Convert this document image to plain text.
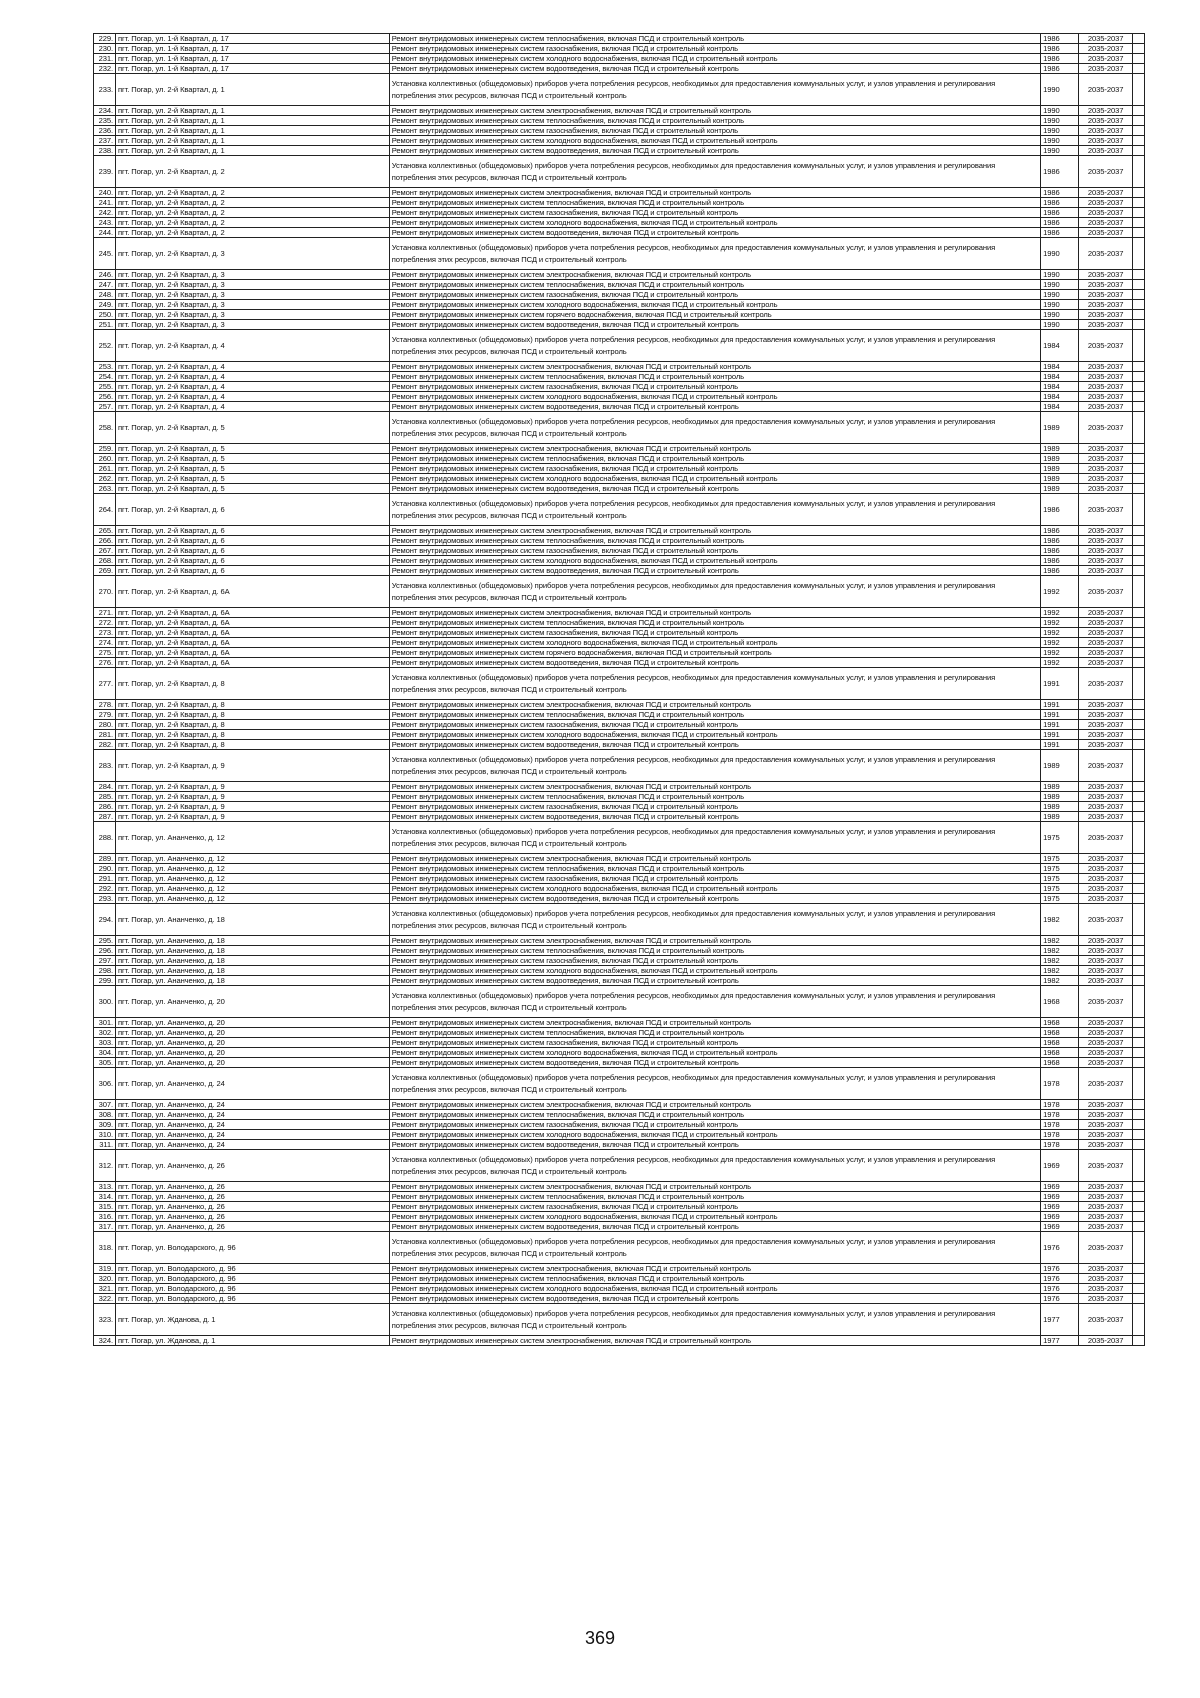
229.	пгт. Погар, ул. 1-й Квартал, д. 17	Ремонт внутридомовых инженерных систем теплоснабжения, включая ПСД и строительный контроль	1986	2035-2037	
230.	пгт. Погар, ул. 1-й Квартал, д. 17	Ремонт внутридомовых инженерных систем газоснабжения, включая ПСД и строительный контроль	1986	2035-2037	
231.	пгт. Погар, ул. 1-й Квартал, д. 17	Ремонт внутридомовых инженерных систем холодного водоснабжения, включая ПСД и строительный контроль	1986	2035-2037	
232.	пгт. Погар, ул. 1-й Квартал, д. 17	Ремонт внутридомовых инженерных систем водоотведения, включая ПСД и строительный контроль	1986	2035-2037	
233.	пгт. Погар, ул. 2-й Квартал, д. 1	Установка коллективных (общедомовых) приборов учета потребления ресурсов, необходимых для предоставления коммунальных услуг, и узлов управления и регулирования потребления этих ресурсов, включая ПСД и строительный контроль	1990	2035-2037	
234.	пгт. Погар, ул. 2-й Квартал, д. 1	Ремонт внутридомовых инженерных систем электроснабжения, включая ПСД и строительный контроль	1990	2035-2037	
235.	пгт. Погар, ул. 2-й Квартал, д. 1	Ремонт внутридомовых инженерных систем теплоснабжения, включая ПСД и строительный контроль	1990	2035-2037	
236.	пгт. Погар, ул. 2-й Квартал, д. 1	Ремонт внутридомовых инженерных систем газоснабжения, включая ПСД и строительный контроль	1990	2035-2037	
237.	пгт. Погар, ул. 2-й Квартал, д. 1	Ремонт внутридомовых инженерных систем холодного водоснабжения, включая ПСД и строительный контроль	1990	2035-2037	
238.	пгт. Погар, ул. 2-й Квартал, д. 1	Ремонт внутридомовых инженерных систем водоотведения, включая ПСД и строительный контроль	1990	2035-2037	
239.	пгт. Погар, ул. 2-й Квартал, д. 2	Установка коллективных (общедомовых) приборов учета потребления ресурсов, необходимых для предоставления коммунальных услуг, и узлов управления и регулирования потребления этих ресурсов, включая ПСД и строительный контроль	1986	2035-2037	
240.	пгт. Погар, ул. 2-й Квартал, д. 2	Ремонт внутридомовых инженерных систем электроснабжения, включая ПСД и строительный контроль	1986	2035-2037	
241.	пгт. Погар, ул. 2-й Квартал, д. 2	Ремонт внутридомовых инженерных систем теплоснабжения, включая ПСД и строительный контроль	1986	2035-2037	
242.	пгт. Погар, ул. 2-й Квартал, д. 2	Ремонт внутридомовых инженерных систем газоснабжения, включая ПСД и строительный контроль	1986	2035-2037	
243.	пгт. Погар, ул. 2-й Квартал, д. 2	Ремонт внутридомовых инженерных систем холодного водоснабжения, включая ПСД и строительный контроль	1986	2035-2037	
244.	пгт. Погар, ул. 2-й Квартал, д. 2	Ремонт внутридомовых инженерных систем водоотведения, включая ПСД и строительный контроль	1986	2035-2037	
245.	пгт. Погар, ул. 2-й Квартал, д. 3	Установка коллективных (общедомовых) приборов учета потребления ресурсов, необходимых для предоставления коммунальных услуг, и узлов управления и регулирования потребления этих ресурсов, включая ПСД и строительный контроль	1990	2035-2037	
246.	пгт. Погар, ул. 2-й Квартал, д. 3	Ремонт внутридомовых инженерных систем электроснабжения, включая ПСД и строительный контроль	1990	2035-2037	
247.	пгт. Погар, ул. 2-й Квартал, д. 3	Ремонт внутридомовых инженерных систем теплоснабжения, включая ПСД и строительный контроль	1990	2035-2037	
248.	пгт. Погар, ул. 2-й Квартал, д. 3	Ремонт внутридомовых инженерных систем газоснабжения, включая ПСД и строительный контроль	1990	2035-2037	
249.	пгт. Погар, ул. 2-й Квартал, д. 3	Ремонт внутридомовых инженерных систем холодного водоснабжения, включая ПСД и строительный контроль	1990	2035-2037	
250.	пгт. Погар, ул. 2-й Квартал, д. 3	Ремонт внутридомовых инженерных систем горячего водоснабжения, включая ПСД и строительный контроль	1990	2035-2037	
251.	пгт. Погар, ул. 2-й Квартал, д. 3	Ремонт внутридомовых инженерных систем водоотведения, включая ПСД и строительный контроль	1990	2035-2037	
252.	пгт. Погар, ул. 2-й Квартал, д. 4	Установка коллективных (общедомовых) приборов учета потребления ресурсов, необходимых для предоставления коммунальных услуг, и узлов управления и регулирования потребления этих ресурсов, включая ПСД и строительный контроль	1984	2035-2037	
253.	пгт. Погар, ул. 2-й Квартал, д. 4	Ремонт внутридомовых инженерных систем электроснабжения, включая ПСД и строительный контроль	1984	2035-2037	
254.	пгт. Погар, ул. 2-й Квартал, д. 4	Ремонт внутридомовых инженерных систем теплоснабжения, включая ПСД и строительный контроль	1984	2035-2037	
255.	пгт. Погар, ул. 2-й Квартал, д. 4	Ремонт внутридомовых инженерных систем газоснабжения, включая ПСД и строительный контроль	1984	2035-2037	
256.	пгт. Погар, ул. 2-й Квартал, д. 4	Ремонт внутридомовых инженерных систем холодного водоснабжения, включая ПСД и строительный контроль	1984	2035-2037	
257.	пгт. Погар, ул. 2-й Квартал, д. 4	Ремонт внутридомовых инженерных систем водоотведения, включая ПСД и строительный контроль	1984	2035-2037	
258.	пгт. Погар, ул. 2-й Квартал, д. 5	Установка коллективных (общедомовых) приборов учета потребления ресурсов, необходимых для предоставления коммунальных услуг, и узлов управления и регулирования потребления этих ресурсов, включая ПСД и строительный контроль	1989	2035-2037	
259.	пгт. Погар, ул. 2-й Квартал, д. 5	Ремонт внутридомовых инженерных систем электроснабжения, включая ПСД и строительный контроль	1989	2035-2037	
260.	пгт. Погар, ул. 2-й Квартал, д. 5	Ремонт внутридомовых инженерных систем теплоснабжения, включая ПСД и строительный контроль	1989	2035-2037	
261.	пгт. Погар, ул. 2-й Квартал, д. 5	Ремонт внутридомовых инженерных систем газоснабжения, включая ПСД и строительный контроль	1989	2035-2037	
262.	пгт. Погар, ул. 2-й Квартал, д. 5	Ремонт внутридомовых инженерных систем холодного водоснабжения, включая ПСД и строительный контроль	1989	2035-2037	
263.	пгт. Погар, ул. 2-й Квартал, д. 5	Ремонт внутридомовых инженерных систем водоотведения, включая ПСД и строительный контроль	1989	2035-2037	
264.	пгт. Погар, ул. 2-й Квартал, д. 6	Установка коллективных (общедомовых) приборов учета потребления ресурсов, необходимых для предоставления коммунальных услуг, и узлов управления и регулирования потребления этих ресурсов, включая ПСД и строительный контроль	1986	2035-2037	
265.	пгт. Погар, ул. 2-й Квартал, д. 6	Ремонт внутридомовых инженерных систем электроснабжения, включая ПСД и строительный контроль	1986	2035-2037	
266.	пгт. Погар, ул. 2-й Квартал, д. 6	Ремонт внутридомовых инженерных систем теплоснабжения, включая ПСД и строительный контроль	1986	2035-2037	
267.	пгт. Погар, ул. 2-й Квартал, д. 6	Ремонт внутридомовых инженерных систем газоснабжения, включая ПСД и строительный контроль	1986	2035-2037	
268.	пгт. Погар, ул. 2-й Квартал, д. 6	Ремонт внутридомовых инженерных систем холодного водоснабжения, включая ПСД и строительный контроль	1986	2035-2037	
269.	пгт. Погар, ул. 2-й Квартал, д. 6	Ремонт внутридомовых инженерных систем водоотведения, включая ПСД и строительный контроль	1986	2035-2037	
270.	пгт. Погар, ул. 2-й Квартал, д. 6А	Установка коллективных (общедомовых) приборов учета потребления ресурсов, необходимых для предоставления коммунальных услуг, и узлов управления и регулирования потребления этих ресурсов, включая ПСД и строительный контроль	1992	2035-2037	
271.	пгт. Погар, ул. 2-й Квартал, д. 6А	Ремонт внутридомовых инженерных систем электроснабжения, включая ПСД и строительный контроль	1992	2035-2037	
272.	пгт. Погар, ул. 2-й Квартал, д. 6А	Ремонт внутридомовых инженерных систем теплоснабжения, включая ПСД и строительный контроль	1992	2035-2037	
273.	пгт. Погар, ул. 2-й Квартал, д. 6А	Ремонт внутридомовых инженерных систем газоснабжения, включая ПСД и строительный контроль	1992	2035-2037	
274.	пгт. Погар, ул. 2-й Квартал, д. 6А	Ремонт внутридомовых инженерных систем холодного водоснабжения, включая ПСД и строительный контроль	1992	2035-2037	
275.	пгт. Погар, ул. 2-й Квартал, д. 6А	Ремонт внутридомовых инженерных систем горячего водоснабжения, включая ПСД и строительный контроль	1992	2035-2037	
276.	пгт. Погар, ул. 2-й Квартал, д. 6А	Ремонт внутридомовых инженерных систем водоотведения, включая ПСД и строительный контроль	1992	2035-2037	
277.	пгт. Погар, ул. 2-й Квартал, д. 8	Установка коллективных (общедомовых) приборов учета потребления ресурсов, необходимых для предоставления коммунальных услуг, и узлов управления и регулирования потребления этих ресурсов, включая ПСД и строительный контроль	1991	2035-2037	
278.	пгт. Погар, ул. 2-й Квартал, д. 8	Ремонт внутридомовых инженерных систем электроснабжения, включая ПСД и строительный контроль	1991	2035-2037	
279.	пгт. Погар, ул. 2-й Квартал, д. 8	Ремонт внутридомовых инженерных систем теплоснабжения, включая ПСД и строительный контроль	1991	2035-2037	
280.	пгт. Погар, ул. 2-й Квартал, д. 8	Ремонт внутридомовых инженерных систем газоснабжения, включая ПСД и строительный контроль	1991	2035-2037	
281.	пгт. Погар, ул. 2-й Квартал, д. 8	Ремонт внутридомовых инженерных систем холодного водоснабжения, включая ПСД и строительный контроль	1991	2035-2037	
282.	пгт. Погар, ул. 2-й Квартал, д. 8	Ремонт внутридомовых инженерных систем водоотведения, включая ПСД и строительный контроль	1991	2035-2037	
283.	пгт. Погар, ул. 2-й Квартал, д. 9	Установка коллективных (общедомовых) приборов учета потребления ресурсов, необходимых для предоставления коммунальных услуг, и узлов управления и регулирования потребления этих ресурсов, включая ПСД и строительный контроль	1989	2035-2037	
284.	пгт. Погар, ул. 2-й Квартал, д. 9	Ремонт внутридомовых инженерных систем электроснабжения, включая ПСД и строительный контроль	1989	2035-2037	
285.	пгт. Погар, ул. 2-й Квартал, д. 9	Ремонт внутридомовых инженерных систем теплоснабжения, включая ПСД и строительный контроль	1989	2035-2037	
286.	пгт. Погар, ул. 2-й Квартал, д. 9	Ремонт внутридомовых инженерных систем газоснабжения, включая ПСД и строительный контроль	1989	2035-2037	
287.	пгт. Погар, ул. 2-й Квартал, д. 9	Ремонт внутридомовых инженерных систем водоотведения, включая ПСД и строительный контроль	1989	2035-2037	
288.	пгт. Погар, ул. Ананченко, д. 12	Установка коллективных (общедомовых) приборов учета потребления ресурсов, необходимых для предоставления коммунальных услуг, и узлов управления и регулирования потребления этих ресурсов, включая ПСД и строительный контроль	1975	2035-2037	
289.	пгт. Погар, ул. Ананченко, д. 12	Ремонт внутридомовых инженерных систем электроснабжения, включая ПСД и строительный контроль	1975	2035-2037	
290.	пгт. Погар, ул. Ананченко, д. 12	Ремонт внутридомовых инженерных систем теплоснабжения, включая ПСД и строительный контроль	1975	2035-2037	
291.	пгт. Погар, ул. Ананченко, д. 12	Ремонт внутридомовых инженерных систем газоснабжения, включая ПСД и строительный контроль	1975	2035-2037	
292.	пгт. Погар, ул. Ананченко, д. 12	Ремонт внутридомовых инженерных систем холодного водоснабжения, включая ПСД и строительный контроль	1975	2035-2037	
293.	пгт. Погар, ул. Ананченко, д. 12	Ремонт внутридомовых инженерных систем водоотведения, включая ПСД и строительный контроль	1975	2035-2037	
294.	пгт. Погар, ул. Ананченко, д. 18	Установка коллективных (общедомовых) приборов учета потребления ресурсов, необходимых для предоставления коммунальных услуг, и узлов управления и регулирования потребления этих ресурсов, включая ПСД и строительный контроль	1982	2035-2037	
295.	пгт. Погар, ул. Ананченко, д. 18	Ремонт внутридомовых инженерных систем электроснабжения, включая ПСД и строительный контроль	1982	2035-2037	
296.	пгт. Погар, ул. Ананченко, д. 18	Ремонт внутридомовых инженерных систем теплоснабжения, включая ПСД и строительный контроль	1982	2035-2037	
297.	пгт. Погар, ул. Ананченко, д. 18	Ремонт внутридомовых инженерных систем газоснабжения, включая ПСД и строительный контроль	1982	2035-2037	
298.	пгт. Погар, ул. Ананченко, д. 18	Ремонт внутридомовых инженерных систем холодного водоснабжения, включая ПСД и строительный контроль	1982	2035-2037	
299.	пгт. Погар, ул. Ананченко, д. 18	Ремонт внутридомовых инженерных систем водоотведения, включая ПСД и строительный контроль	1982	2035-2037	
300.	пгт. Погар, ул. Ананченко, д. 20	Установка коллективных (общедомовых) приборов учета потребления ресурсов, необходимых для предоставления коммунальных услуг, и узлов управления и регулирования потребления этих ресурсов, включая ПСД и строительный контроль	1968	2035-2037	
301.	пгт. Погар, ул. Ананченко, д. 20	Ремонт внутридомовых инженерных систем электроснабжения, включая ПСД и строительный контроль	1968	2035-2037	
302.	пгт. Погар, ул. Ананченко, д. 20	Ремонт внутридомовых инженерных систем теплоснабжения, включая ПСД и строительный контроль	1968	2035-2037	
303.	пгт. Погар, ул. Ананченко, д. 20	Ремонт внутридомовых инженерных систем газоснабжения, включая ПСД и строительный контроль	1968	2035-2037	
304.	пгт. Погар, ул. Ананченко, д. 20	Ремонт внутридомовых инженерных систем холодного водоснабжения, включая ПСД и строительный контроль	1968	2035-2037	
305.	пгт. Погар, ул. Ананченко, д. 20	Ремонт внутридомовых инженерных систем водоотведения, включая ПСД и строительный контроль	1968	2035-2037	
306.	пгт. Погар, ул. Ананченко, д. 24	Установка коллективных (общедомовых) приборов учета потребления ресурсов, необходимых для предоставления коммунальных услуг, и узлов управления и регулирования потребления этих ресурсов, включая ПСД и строительный контроль	1978	2035-2037	
307.	пгт. Погар, ул. Ананченко, д. 24	Ремонт внутридомовых инженерных систем электроснабжения, включая ПСД и строительный контроль	1978	2035-2037	
308.	пгт. Погар, ул. Ананченко, д. 24	Ремонт внутридомовых инженерных систем теплоснабжения, включая ПСД и строительный контроль	1978	2035-2037	
309.	пгт. Погар, ул. Ананченко, д. 24	Ремонт внутридомовых инженерных систем газоснабжения, включая ПСД и строительный контроль	1978	2035-2037	
310.	пгт. Погар, ул. Ананченко, д. 24	Ремонт внутридомовых инженерных систем холодного водоснабжения, включая ПСД и строительный контроль	1978	2035-2037	
311.	пгт. Погар, ул. Ананченко, д. 24	Ремонт внутридомовых инженерных систем водоотведения, включая ПСД и строительный контроль	1978	2035-2037	
312.	пгт. Погар, ул. Ананченко, д. 26	Установка коллективных (общедомовых) приборов учета потребления ресурсов, необходимых для предоставления коммунальных услуг, и узлов управления и регулирования потребления этих ресурсов, включая ПСД и строительный контроль	1969	2035-2037	
313.	пгт. Погар, ул. Ананченко, д. 26	Ремонт внутридомовых инженерных систем электроснабжения, включая ПСД и строительный контроль	1969	2035-2037	
314.	пгт. Погар, ул. Ананченко, д. 26	Ремонт внутридомовых инженерных систем теплоснабжения, включая ПСД и строительный контроль	1969	2035-2037	
315.	пгт. Погар, ул. Ананченко, д. 26	Ремонт внутридомовых инженерных систем газоснабжения, включая ПСД и строительный контроль	1969	2035-2037	
316.	пгт. Погар, ул. Ананченко, д. 26	Ремонт внутридомовых инженерных систем холодного водоснабжения, включая ПСД и строительный контроль	1969	2035-2037	
317.	пгт. Погар, ул. Ананченко, д. 26	Ремонт внутридомовых инженерных систем водоотведения, включая ПСД и строительный контроль	1969	2035-2037	
318.	пгт. Погар, ул. Володарского, д. 96	Установка коллективных (общедомовых) приборов учета потребления ресурсов, необходимых для предоставления коммунальных услуг, и узлов управления и регулирования потребления этих ресурсов, включая ПСД и строительный контроль	1976	2035-2037	
319.	пгт. Погар, ул. Володарского, д. 96	Ремонт внутридомовых инженерных систем электроснабжения, включая ПСД и строительный контроль	1976	2035-2037	
320.	пгт. Погар, ул. Володарского, д. 96	Ремонт внутридомовых инженерных систем теплоснабжения, включая ПСД и строительный контроль	1976	2035-2037	
321.	пгт. Погар, ул. Володарского, д. 96	Ремонт внутридомовых инженерных систем холодного водоснабжения, включая ПСД и строительный контроль	1976	2035-2037	
322.	пгт. Погар, ул. Володарского, д. 96	Ремонт внутридомовых инженерных систем водоотведения, включая ПСД и строительный контроль	1976	2035-2037	
323.	пгт. Погар, ул. Жданова, д. 1	Установка коллективных (общедомовых) приборов учета потребления ресурсов, необходимых для предоставления коммунальных услуг, и узлов управления и регулирования потребления этих ресурсов, включая ПСД и строительный контроль	1977	2035-2037	
324.	пгт. Погар, ул. Жданова, д. 1	Ремонт внутридомовых инженерных систем электроснабжения, включая ПСД и строительный контроль	1977	2035-2037	
369
